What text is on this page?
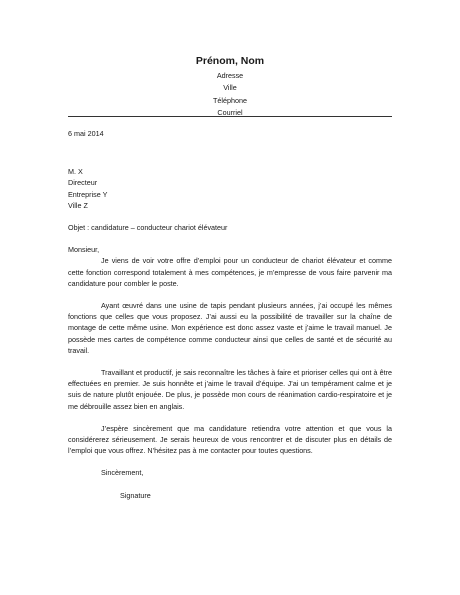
Prénom, Nom
Adresse
Ville
Téléphone
Courriel

6 mai 2014

M. X

Directeur

Entreprise Y

Ville Z

Objet : candidature – conducteur chariot élévateur

Monsieur,

Je viens de voir votre offre d’emploi pour un conducteur de chariot élévateur et comme cette fonction correspond totalement à mes compétences, je m’empresse de vous faire parvenir ma candidature pour combler le poste.

Ayant œuvré dans une usine de tapis pendant plusieurs années, j’ai occupé les mêmes fonctions que celles que vous proposez. J’ai aussi eu la possibilité de travailler sur la chaîne de montage de cette même usine. Mon expérience est donc assez vaste et j’aime le travail manuel. Je possède mes cartes de compétence comme conducteur ainsi que celles de santé et de sécurité au travail.

Travaillant et productif, je sais reconnaître les tâches à faire et prioriser celles qui ont à être effectuées en premier. Je suis honnête et j’aime le travail d’équipe. J’ai un tempérament calme et je suis de nature plutôt enjouée. De plus, je possède mon cours de réanimation cardio-respiratoire et je me débrouille assez bien en anglais.

J’espère sincèrement que ma candidature retiendra votre attention et que vous la considérerez sérieusement. Je serais heureux de vous rencontrer et de discuter plus en détails de l’emploi que vous offrez. N’hésitez pas à me contacter pour toutes questions.

Sincèrement,

Signature
